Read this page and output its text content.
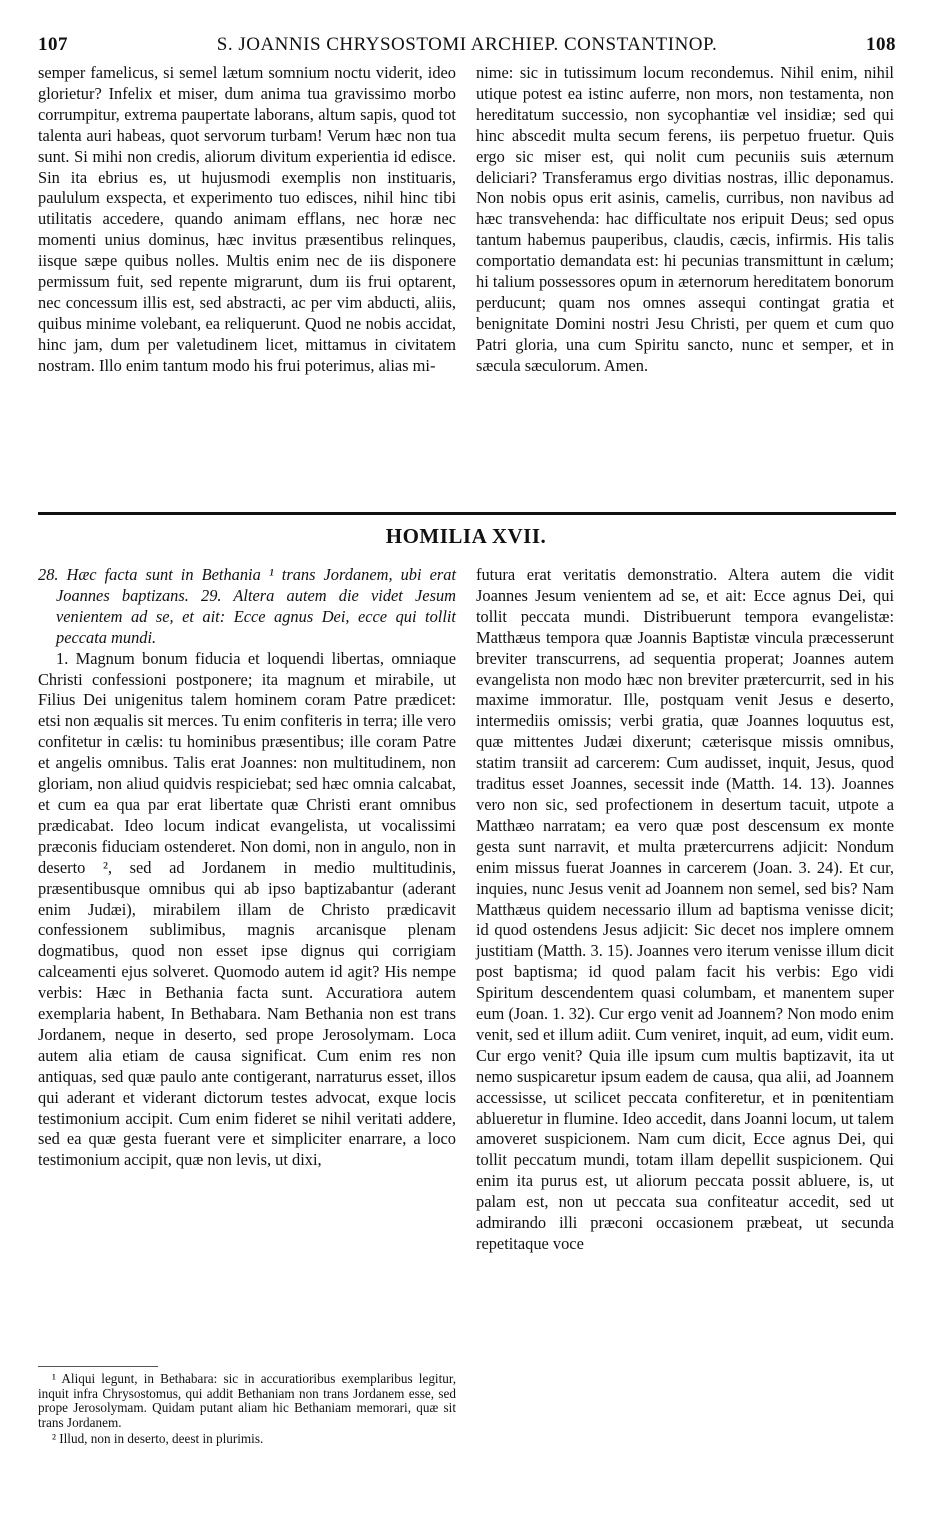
107	S. JOANNIS CHRYSOSTOMI ARCHIEP. CONSTANTINOP.	108

semper famelicus, si semel lætum somnium noctu viderit, ideo glorietur? Infelix et miser, dum anima tua gravissimo morbo corrumpitur, extrema paupertate laborans, altum sapis, quod tot talenta auri habeas, quot servorum turbam! Verum hæc non tua sunt. Si mihi non credis, aliorum divitum experientia id edisce. Sin ita ebrius es, ut hujusmodi exemplis non instituaris, paululum exspecta, et experimento tuo edisces, nihil hinc tibi utilitatis accedere, quando animam efflans, nec horæ nec momenti unius dominus, hæc invitus præsentibus relinques, iisque sæpe quibus nolles. Multis enim nec de iis disponere permissum fuit, sed repente migrarunt, dum iis frui optarent, nec concessum illis est, sed abstracti, ac per vim abducti, aliis, quibus minime volebant, ea reliquerunt. Quod ne nobis accidat, hinc jam, dum per valetudinem licet, mittamus in civitatem nostram. Illo enim tantum modo his frui poterimus, alias mi-

nime: sic in tutissimum locum recondemus. Nihil enim, nihil utique potest ea istinc auferre, non mors, non testamenta, non hereditatum successio, non sycophantiæ vel insidiæ; sed qui hinc abscedit multa secum ferens, iis perpetuo fruetur. Quis ergo sic miser est, qui nolit cum pecuniis suis æternum deliciari? Transferamus ergo divitias nostras, illic deponamus. Non nobis opus erit asinis, camelis, curribus, non navibus ad hæc transvehenda: hac difficultate nos eripuit Deus; sed opus tantum habemus pauperibus, claudis, cæcis, infirmis. His talis comportatio demandata est: hi pecunias transmittunt in cælum; hi talium possessores opum in æternorum hereditatem bonorum perducunt; quam nos omnes assequi contingat gratia et benignitate Domini nostri Jesu Christi, per quem et cum quo Patri gloria, una cum Spiritu sancto, nunc et semper, et in sæcula sæculorum. Amen.

HOMILIA XVII.

28. Hæc facta sunt in Bethania ¹ trans Jordanem, ubi erat Joannes baptizans. 29. Altera autem die videt Jesum venientem ad se, et ait: Ecce agnus Dei, ecce qui tollit peccata mundi.

1. Magnum bonum fiducia et loquendi libertas, omniaque Christi confessioni postponere; ita magnum et mirabile, ut Filius Dei unigenitus talem hominem coram Patre prædicet: etsi non æqualis sit merces. Tu enim confiteris in terra; ille vero confitetur in cælis: tu hominibus præsentibus; ille coram Patre et angelis omnibus. Talis erat Joannes: non multitudinem, non gloriam, non aliud quidvis respiciebat; sed hæc omnia calcabat, et cum ea qua par erat libertate quæ Christi erant omnibus prædicabat. Ideo locum indicat evangelista, ut vocalissimi præconis fiduciam ostenderet. Non domi, non in angulo, non in deserto ², sed ad Jordanem in medio multitudinis, præsentibusque omnibus qui ab ipso baptizabantur (aderant enim Judæi), mirabilem illam de Christo prædicavit confessionem sublimibus, magnis arcanisque plenam dogmatibus, quod non esset ipse dignus qui corrigiam calceamenti ejus solveret. Quomodo autem id agit? His nempe verbis: Hæc in Bethania facta sunt. Accuratiora autem exemplaria habent, In Bethabara. Nam Bethania non est trans Jordanem, neque in deserto, sed prope Jerosolymam. Loca autem alia etiam de causa significat. Cum enim res non antiquas, sed quæ paulo ante contigerant, narraturus esset, illos qui aderant et viderant dictorum testes advocat, exque locis testimonium accipit. Cum enim fideret se nihil veritati addere, sed ea quæ gesta fuerant vere et simpliciter enarrare, a loco testimonium accipit, quæ non levis, ut dixi,

futura erat veritatis demonstratio. Altera autem die vidit Joannes Jesum venientem ad se, et ait: Ecce agnus Dei, qui tollit peccata mundi. Distribuerunt tempora evangelistæ: Matthæus tempora quæ Joannis Baptistæ vincula præcesserunt breviter transcurrens, ad sequentia properat; Joannes autem evangelista non modo hæc non breviter prætercurrit, sed in his maxime immoratur. Ille, postquam venit Jesus e deserto, intermediis omissis; verbi gratia, quæ Joannes loquutus est, quæ mittentes Judæi dixerunt; cæterisque missis omnibus, statim transiit ad carcerem: Cum audisset, inquit, Jesus, quod traditus esset Joannes, secessit inde (Matth. 14. 13). Joannes vero non sic, sed profectionem in desertum tacuit, utpote a Matthæo narratam; ea vero quæ post descensum ex monte gesta sunt narravit, et multa prætercurrens adjicit: Nondum enim missus fuerat Joannes in carcerem (Joan. 3. 24). Et cur, inquies, nunc Jesus venit ad Joannem non semel, sed bis? Nam Matthæus quidem necessario illum ad baptisma venisse dicit; id quod ostendens Jesus adjicit: Sic decet nos implere omnem justitiam (Matth. 3. 15). Joannes vero iterum venisse illum dicit post baptisma; id quod palam facit his verbis: Ego vidi Spiritum descendentem quasi columbam, et manentem super eum (Joan. 1. 32). Cur ergo venit ad Joannem? Non modo enim venit, sed et illum adiit. Cum veniret, inquit, ad eum, vidit eum. Cur ergo venit? Quia ille ipsum cum multis baptizavit, ita ut nemo suspicaretur ipsum eadem de causa, qua alii, ad Joannem accessisse, ut scilicet peccata confiteretur, et in pœnitentiam ablueretur in flumine. Ideo accedit, dans Joanni locum, ut talem amoveret suspicionem. Nam cum dicit, Ecce agnus Dei, qui tollit peccatum mundi, totam illam depellit suspicionem. Qui enim ita purus est, ut aliorum peccata possit abluere, is, ut palam est, non ut peccata sua confiteatur accedit, sed ut admirando illi præconi occasionem præbeat, ut secunda repetitaque voce

¹ Aliqui legunt, in Bethabara: sic in accuratioribus exemplaribus legitur, inquit infra Chrysostomus, qui addit Bethaniam non trans Jordanem esse, sed prope Jerosolymam. Quidam putant aliam hic Bethaniam memorari, quæ sit trans Jordanem.

² Illud, non in deserto, deest in plurimis.
